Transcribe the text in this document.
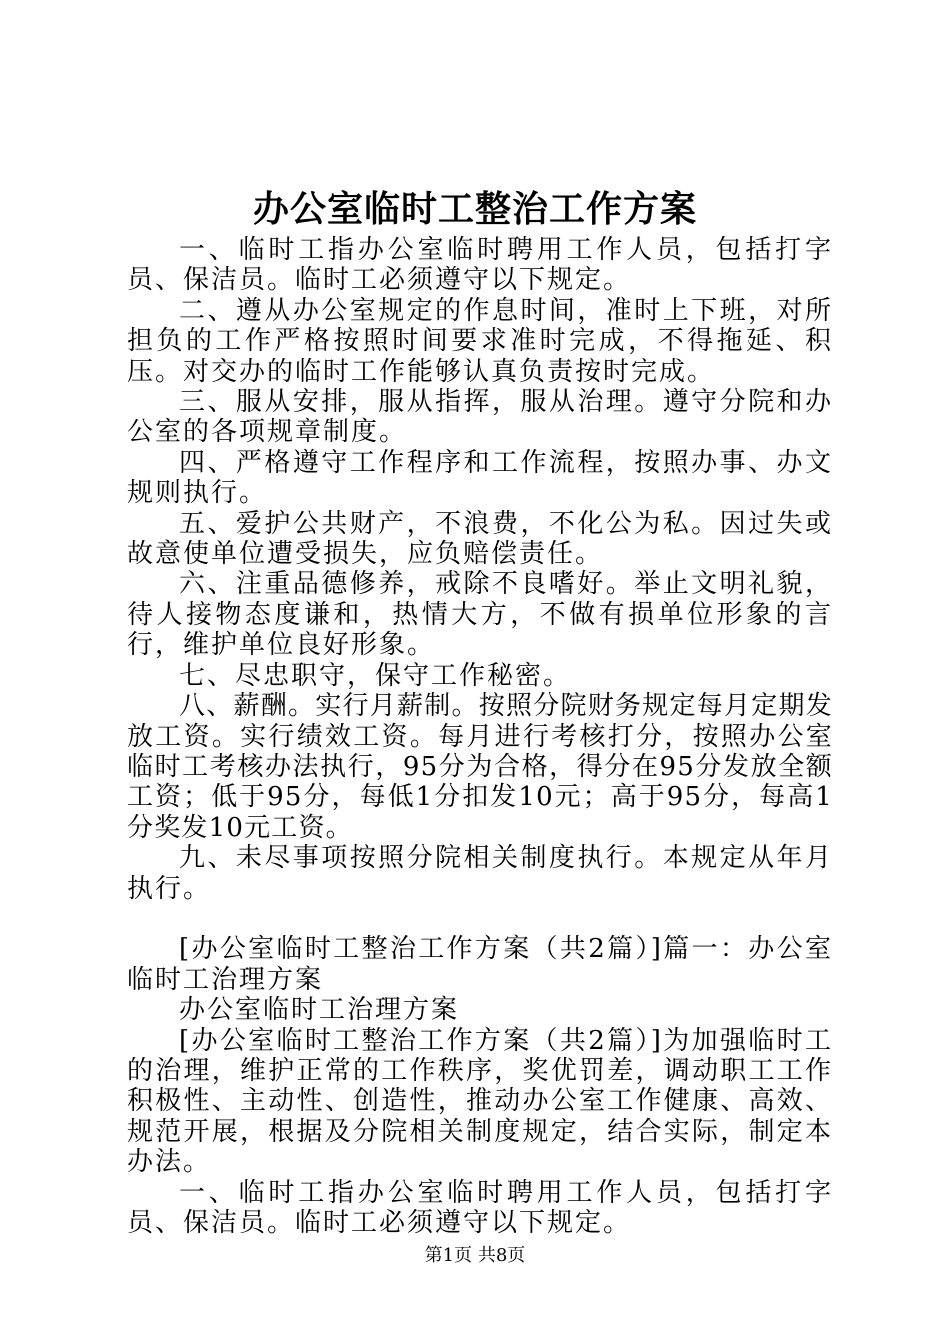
办公室临时工整治工作方案

一、临时工指办公室临时聘用工作人员，包括打字员、保洁员。临时工必须遵守以下规定。

二、遵从办公室规定的作息时间，准时上下班，对所担负的工作严格按照时间要求准时完成，不得拖延、积压。对交办的临时工作能够认真负责按时完成。

三、服从安排，服从指挥，服从治理。遵守分院和办公室的各项规章制度。

四、严格遵守工作程序和工作流程，按照办事、办文规则执行。

五、爱护公共财产，不浪费，不化公为私。因过失或故意使单位遭受损失，应负赔偿责任。

六、注重品德修养，戒除不良嗜好。举止文明礼貌，待人接物态度谦和，热情大方，不做有损单位形象的言行，维护单位良好形象。

七、尽忠职守，保守工作秘密。

八、薪酬。实行月薪制。按照分院财务规定每月定期发放工资。实行绩效工资。每月进行考核打分，按照办公室临时工考核办法执行，95分为合格，得分在95分发放全额工资；低于95分，每低1分扣发10元；高于95分，每高1分奖发10元工资。

九、未尽事项按照分院相关制度执行。本规定从年月执行。

[办公室临时工整治工作方案（共2篇）]篇一：办公室临时工治理方案

办公室临时工治理方案

[办公室临时工整治工作方案（共2篇）]为加强临时工的治理，维护正常的工作秩序，奖优罚差，调动职工工作积极性、主动性、创造性，推动办公室工作健康、高效、规范开展，根据及分院相关制度规定，结合实际，制定本办法。

一、临时工指办公室临时聘用工作人员，包括打字员、保洁员。临时工必须遵守以下规定。

第1页 共8页
